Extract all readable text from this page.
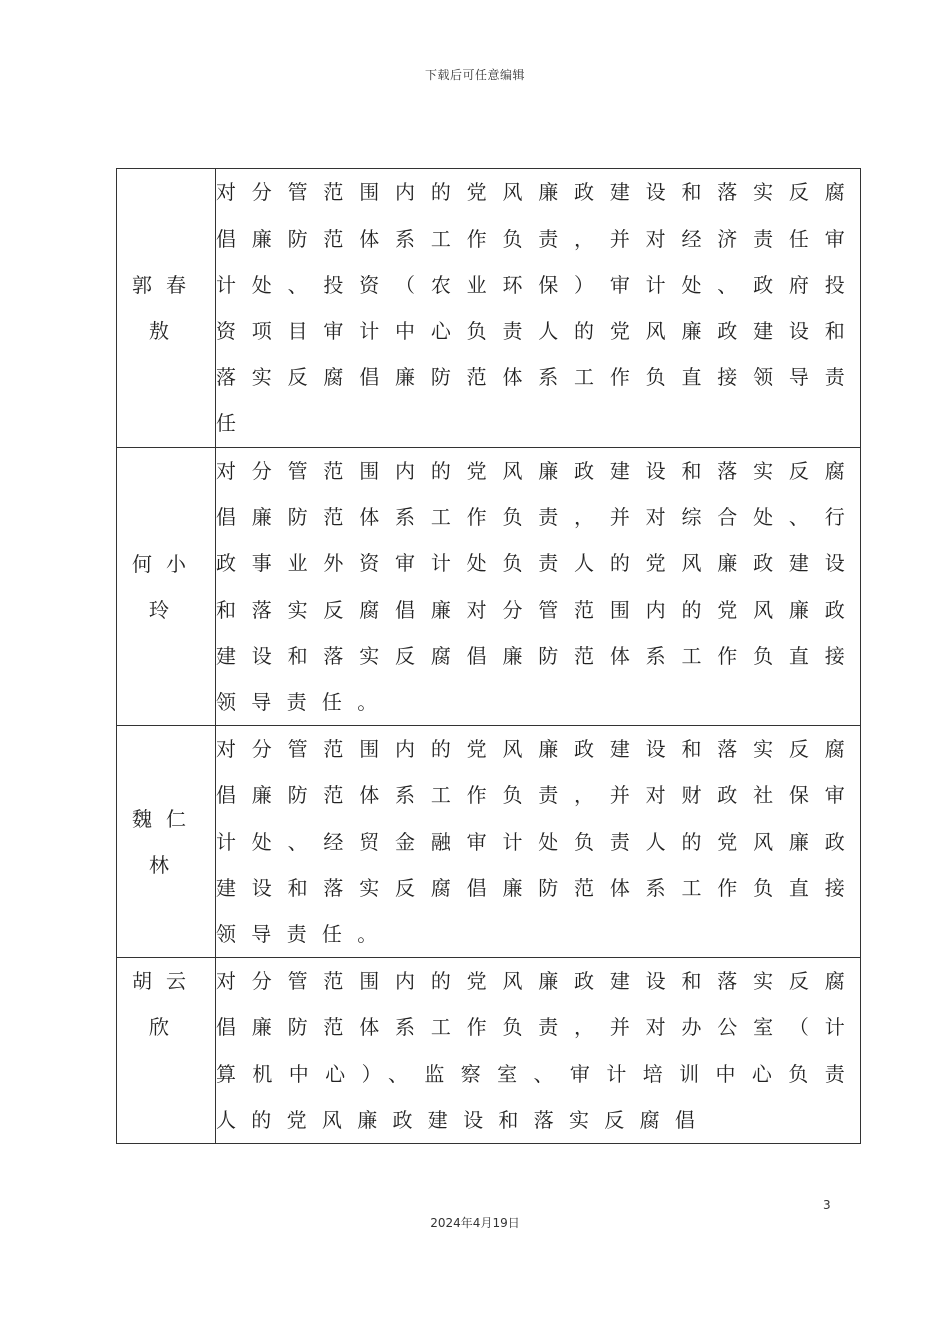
下载后可任意编辑
郭春敖	对分管范围内的党风廉政建设和落实反腐倡廉防范体系工作负责，并对经济责任审计处、投资（农业环保）审计处、政府投资项目审计中心负责人的党风廉政建设和落实反腐倡廉防范体系工作负直接领导责任
何小玲	对分管范围内的党风廉政建设和落实反腐倡廉防范体系工作负责，并对综合处、行政事业外资审计处负责人的党风廉政建设和落实反腐倡廉对分管范围内的党风廉政建设和落实反腐倡廉防范体系工作负直接领导责任。
魏仁林	对分管范围内的党风廉政建设和落实反腐倡廉防范体系工作负责，并对财政社保审计处、经贸金融审计处负责人的党风廉政建设和落实反腐倡廉防范体系工作负直接领导责任。
胡云欣	对分管范围内的党风廉政建设和落实反腐倡廉防范体系工作负责，并对办公室（计算机中心）、监察室、审计培训中心负责人的党风廉政建设和落实反腐倡
3
2024年4月19日
